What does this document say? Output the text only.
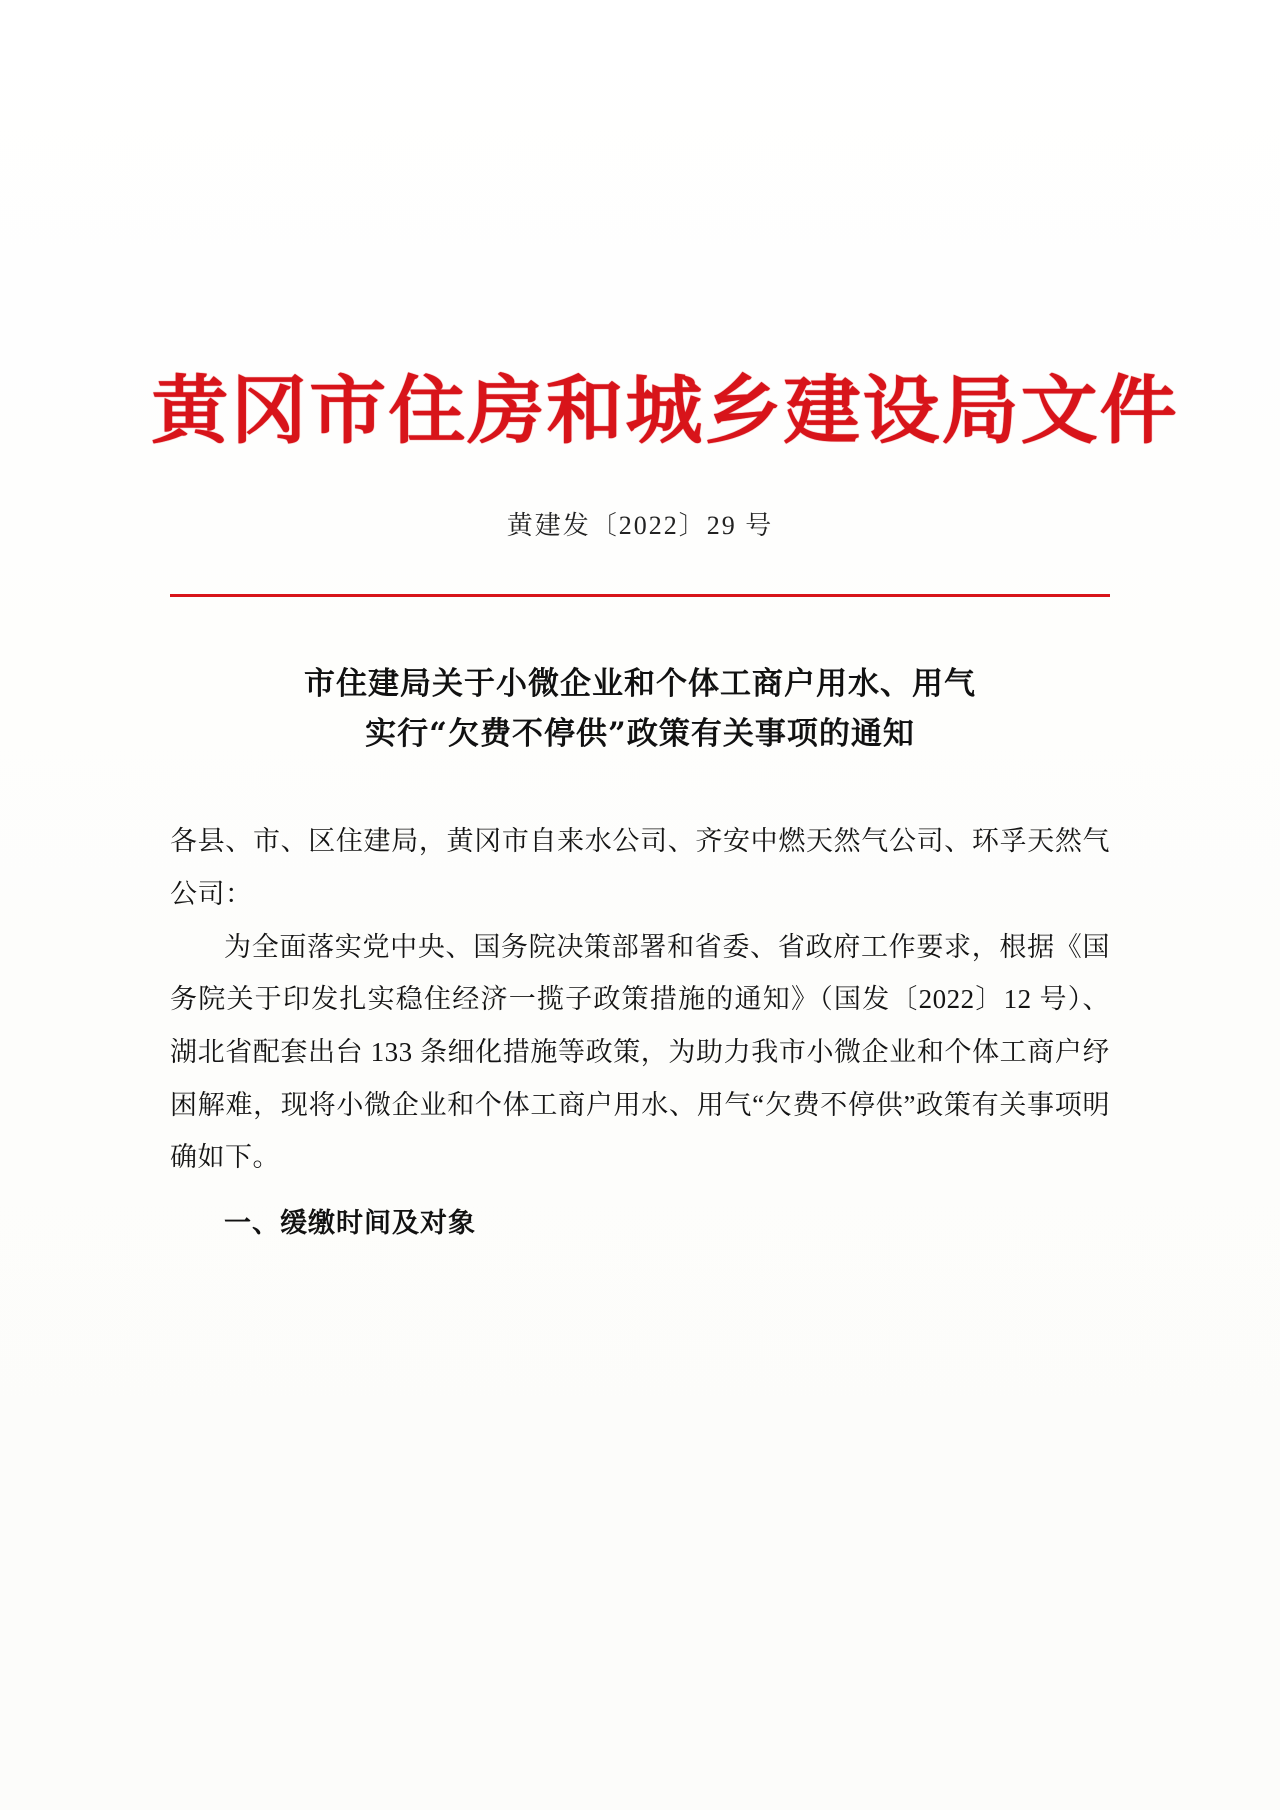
黄冈市住房和城乡建设局文件
黄建发〔2022〕29 号
市住建局关于小微企业和个体工商户用水、用气
实行“欠费不停供”政策有关事项的通知

各县、市、区住建局，黄冈市自来水公司、齐安中燃天然气公司、环孚天然气公司：

为全面落实党中央、国务院决策部署和省委、省政府工作要求，根据《国务院关于印发扎实稳住经济一揽子政策措施的通知》（国发〔2022〕12 号）、湖北省配套出台 133 条细化措施等政策，为助力我市小微企业和个体工商户纾困解难，现将小微企业和个体工商户用水、用气“欠费不停供”政策有关事项明确如下。

一、缓缴时间及对象
